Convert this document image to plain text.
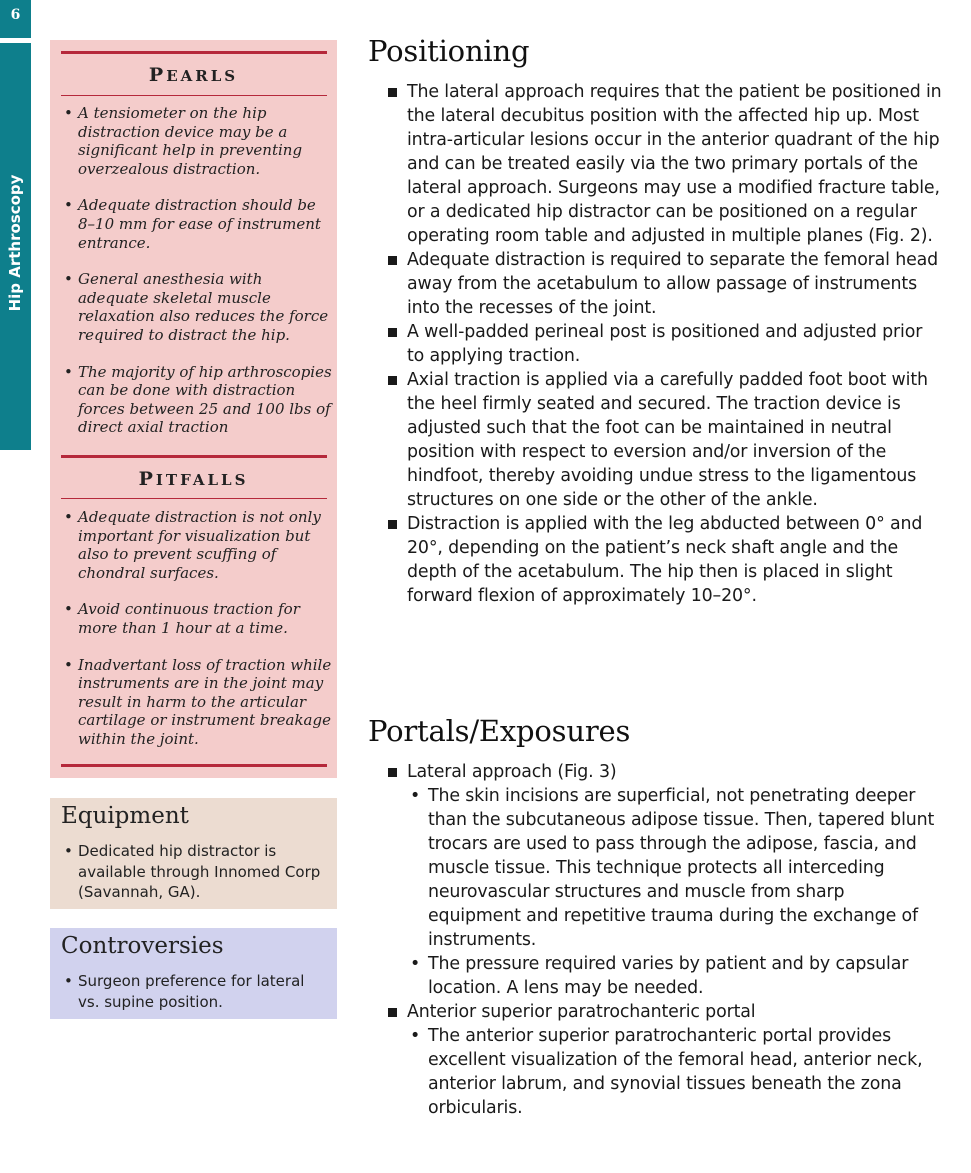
6
Hip Arthroscopy
PEARLS
• A tensiometer on the hip distraction device may be a significant help in preventing overzealous distraction.
• Adequate distraction should be 8–10 mm for ease of instrument entrance.
• General anesthesia with adequate skeletal muscle relaxation also reduces the force required to distract the hip.
• The majority of hip arthroscopies can be done with distraction forces between 25 and 100 lbs of direct axial traction
PITFALLS
• Adequate distraction is not only important for visualization but also to prevent scuffing of chondral surfaces.
• Avoid continuous traction for more than 1 hour at a time.
• Inadvertant loss of traction while instruments are in the joint may result in harm to the articular cartilage or instrument breakage within the joint.
Equipment
• Dedicated hip distractor is available through Innomed Corp (Savannah, GA).
Controversies
• Surgeon preference for lateral vs. supine position.
Positioning
The lateral approach requires that the patient be positioned in the lateral decubitus position with the affected hip up. Most intra-articular lesions occur in the anterior quadrant of the hip and can be treated easily via the two primary portals of the lateral approach. Surgeons may use a modified fracture table, or a dedicated hip distractor can be positioned on a regular operating room table and adjusted in multiple planes (Fig. 2).
Adequate distraction is required to separate the femoral head away from the acetabulum to allow passage of instruments into the recesses of the joint.
A well-padded perineal post is positioned and adjusted prior to applying traction.
Axial traction is applied via a carefully padded foot boot with the heel firmly seated and secured. The traction device is adjusted such that the foot can be maintained in neutral position with respect to eversion and/or inversion of the hindfoot, thereby avoiding undue stress to the ligamentous structures on one side or the other of the ankle.
Distraction is applied with the leg abducted between 0° and 20°, depending on the patient’s neck shaft angle and the depth of the acetabulum. The hip then is placed in slight forward flexion of approximately 10–20°.
Portals/Exposures
Lateral approach (Fig. 3)
• The skin incisions are superficial, not penetrating deeper than the subcutaneous adipose tissue. Then, tapered blunt trocars are used to pass through the adipose, fascia, and muscle tissue. This technique protects all interceding neurovascular structures and muscle from sharp equipment and repetitive trauma during the exchange of instruments.
• The pressure required varies by patient and by capsular location. A lens may be needed.
Anterior superior paratrochanteric portal
• The anterior superior paratrochanteric portal provides excellent visualization of the femoral head, anterior neck, anterior labrum, and synovial tissues beneath the zona orbicularis.
